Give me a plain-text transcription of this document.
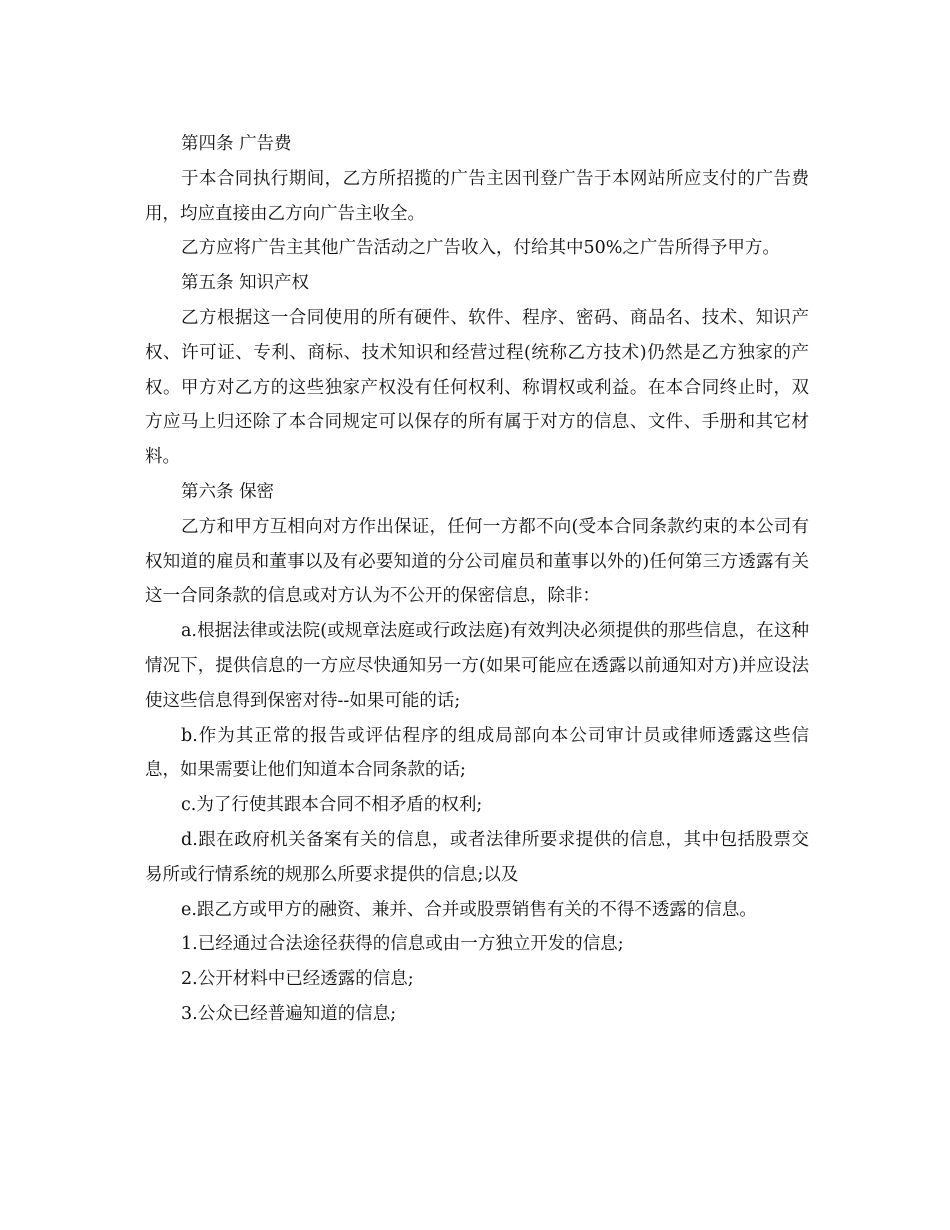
第四条 广告费

于本合同执行期间，乙方所招揽的广告主因刊登广告于本网站所应支付的广告费用，均应直接由乙方向广告主收全。

乙方应将广告主其他广告活动之广告收入，付给其中50%之广告所得予甲方。

第五条 知识产权

乙方根据这一合同使用的所有硬件、软件、程序、密码、商品名、技术、知识产权、许可证、专利、商标、技术知识和经营过程(统称乙方技术)仍然是乙方独家的产权。甲方对乙方的这些独家产权没有任何权利、称谓权或利益。在本合同终止时，双方应马上归还除了本合同规定可以保存的所有属于对方的信息、文件、手册和其它材料。

第六条 保密

乙方和甲方互相向对方作出保证，任何一方都不向(受本合同条款约束的本公司有权知道的雇员和董事以及有必要知道的分公司雇员和董事以外的)任何第三方透露有关这一合同条款的信息或对方认为不公开的保密信息，除非：

a.根据法律或法院(或规章法庭或行政法庭)有效判决必须提供的那些信息，在这种情况下，提供信息的一方应尽快通知另一方(如果可能应在透露以前通知对方)并应设法使这些信息得到保密对待--如果可能的话;

b.作为其正常的报告或评估程序的组成局部向本公司审计员或律师透露这些信息，如果需要让他们知道本合同条款的话;

c.为了行使其跟本合同不相矛盾的权利;

d.跟在政府机关备案有关的信息，或者法律所要求提供的信息，其中包括股票交易所或行情系统的规那么所要求提供的信息;以及

e.跟乙方或甲方的融资、兼并、合并或股票销售有关的不得不透露的信息。

1.已经通过合法途径获得的信息或由一方独立开发的信息;

2.公开材料中已经透露的信息;

3.公众已经普遍知道的信息;
